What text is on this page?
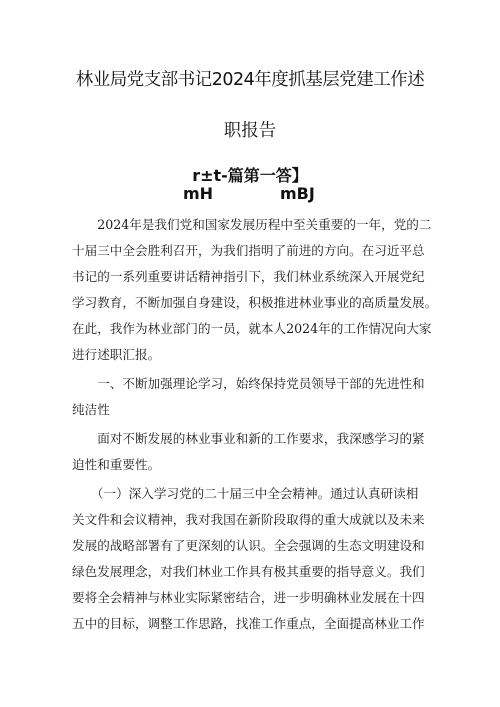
林业局党支部书记2024年度抓基层党建工作述
职报告
r±t-篇第一答】
mH	mBJ
　　2024年是我们党和国家发展历程中至关重要的一年，党的二
十届三中全会胜利召开，为我们指明了前进的方向。在习近平总
书记的一系列重要讲话精神指引下，我们林业系统深入开展党纪
学习教育，不断加强自身建设，积极推进林业事业的高质量发展。
在此，我作为林业部门的一员，就本人2024年的工作情况向大家
进行述职汇报。
　　一、不断加强理论学习，始终保持党员领导干部的先进性和
纯洁性
　　面对不断发展的林业事业和新的工作要求，我深感学习的紧
迫性和重要性。
　　（一）深入学习党的二十届三中全会精神。通过认真研读相
关文件和会议精神，我对我国在新阶段取得的重大成就以及未来
发展的战略部署有了更深刻的认识。全会强调的生态文明建设和
绿色发展理念，对我们林业工作具有极其重要的指导意义。我们
要将全会精神与林业实际紧密结合，进一步明确林业发展在十四
五中的目标，调整工作思路，找准工作重点，全面提高林业工作
